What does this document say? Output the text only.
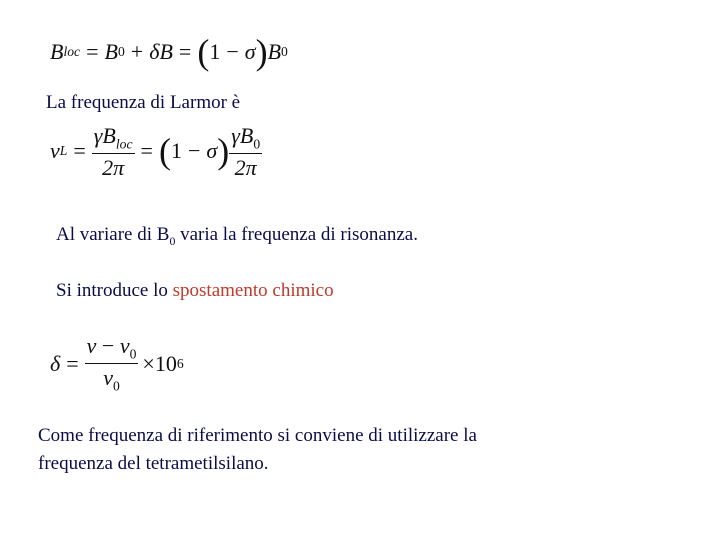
B loc = B 0 + δB = ( 1 − σ ) B 0
La frequenza di Larmor è
ν $L = \frac{\gamma B_{loc}}{2\pi}$ = ( 1 − σ ) $\frac{\gamma B_0}{2\pi}$
Al variare di $B_0$ varia la frequenza di risonanza.
Si introduce lo spostamento chimico
$\delta = \frac{\nu - \nu_0}{\nu_0} \times 10$ 6
Come frequenza di riferimento si conviene di utilizzare la
frequenza del tetrametilsilano.
